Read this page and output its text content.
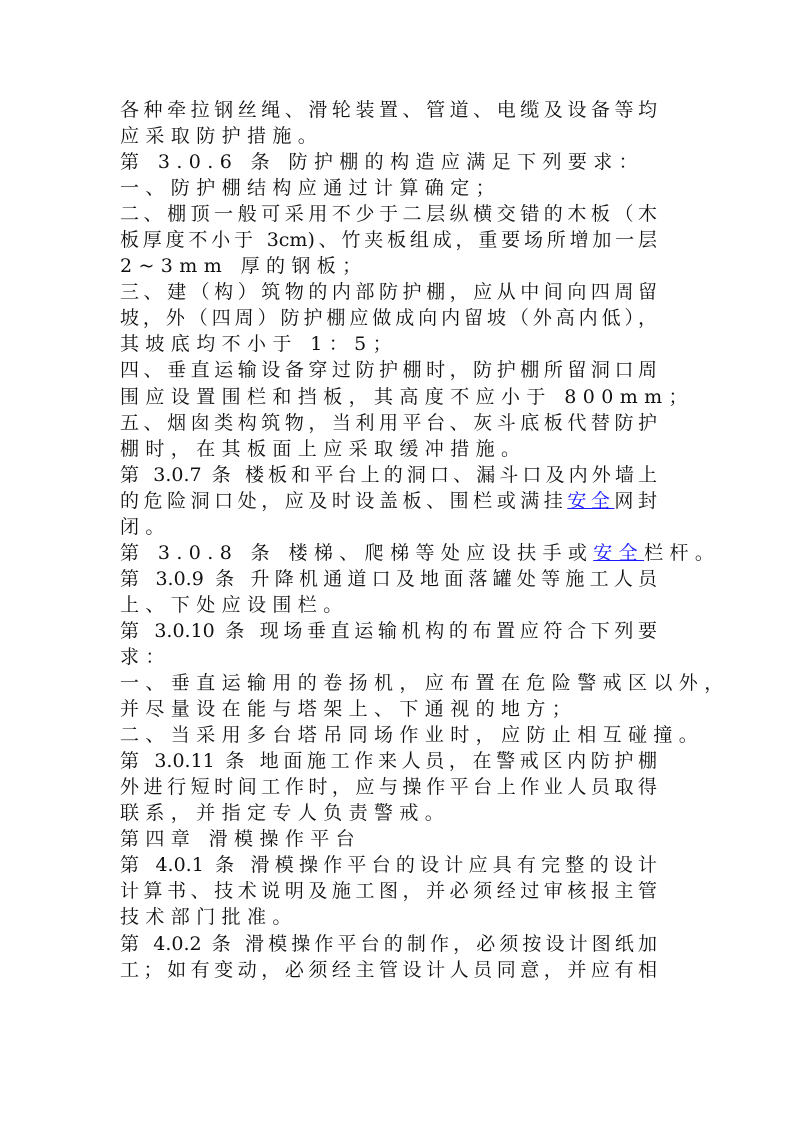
各种牵拉钢丝绳、滑轮装置、管道、电缆及设备等均
应采取防护措施。
第 3.0.6 条 防护棚的构造应满足下列要求：
一、防护棚结构应通过计算确定；
二、棚顶一般可采用不少于二层纵横交错的木板（木
板厚度不小于 3cm)、竹夹板组成，重要场所增加一层
2~3mm 厚的钢板；
三、建（构）筑物的内部防护棚，应从中间向四周留
坡，外（四周）防护棚应做成向内留坡（外高内低），
其坡底均不小于 1：5；
四、垂直运输设备穿过防护棚时，防护棚所留洞口周
围应设置围栏和挡板，其高度不应小于 800mm；
五、烟囱类构筑物，当利用平台、灰斗底板代替防护
棚时，在其板面上应采取缓冲措施。
第 3.0.7 条 楼板和平台上的洞口、漏斗口及内外墙上
的危险洞口处，应及时设盖板、围栏或满挂安全网封
闭。
第 3.0.8 条 楼梯、爬梯等处应设扶手或安全栏杆。
第 3.0.9 条 升降机通道口及地面落罐处等施工人员
上、下处应设围栏。
第 3.0.10 条 现场垂直运输机构的布置应符合下列要
求：
一、垂直运输用的卷扬机，应布置在危险警戒区以外，
并尽量设在能与塔架上、下通视的地方；
二、当采用多台塔吊同场作业时，应防止相互碰撞。
第 3.0.11 条 地面施工作来人员，在警戒区内防护棚
外进行短时间工作时，应与操作平台上作业人员取得
联系，并指定专人负责警戒。
第四章 滑模操作平台
第 4.0.1 条 滑模操作平台的设计应具有完整的设计
计算书、技术说明及施工图，并必须经过审核报主管
技术部门批准。
第 4.0.2 条 滑模操作平台的制作，必须按设计图纸加
工；如有变动，必须经主管设计人员同意，并应有相
